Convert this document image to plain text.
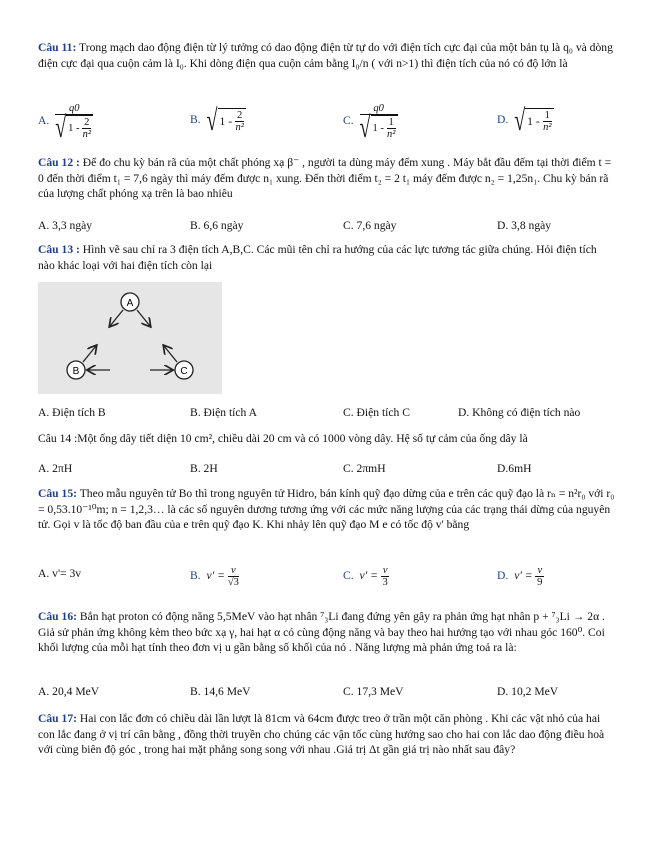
Câu 11: Trong mạch dao động điện từ lý tưởng có dao động điện từ tự do với điện tích cực đại của một bản tụ là q₀ và dòng điện cực đại qua cuộn cảm là I₀. Khi dòng điện qua cuộn cảm bằng I₀/n ( với n>1) thì điện tích của nó có độ lớn là
A. q0
√ 1
-
$\frac{2}{\text{n²}}$	B. √ 1
-
$\frac{2}{\text{n²}}$	C. q0
√ 1
-
$\frac{1}{\text{n²}}$	D. √ 1
-
$\frac{1}{\text{n²}}$
Câu 12 : Để đo chu kỳ bán rã của một chất phóng xạ β⁻ , người ta dùng máy đếm xung . Máy bắt đầu đếm tại thời điểm t = 0 đến thời điểm t₁ = 7,6 ngày thì máy đếm được n₁ xung. Đến thời điểm t₂ = 2 t₁ máy đếm được n₂ = 1,25n₁. Chu kỳ bán rã của lượng chất phóng xạ trên là bao nhiêu
A. 3,3 ngày	B. 6,6 ngày	C. 7,6 ngày	D. 3,8 ngày
Câu 13 : Hình vẽ sau chỉ ra 3 điện tích A,B,C. Các mũi tên chỉ ra hướng của các lực tương tác giữa chúng. Hỏi điện tích nào khác loại với hai điện tích còn lại
A
B	C
A. Điện tích B	B. Điện tích A	C. Điện tích C	D. Không có điện tích nào
Câu 14 :Một ống dây tiết diện 10 cm², chiều dài 20 cm và có 1000 vòng dây. Hệ số tự cảm của ống dây là
A. 2πH	B. 2H	C. 2πmH	D.6mH
Câu 15: Theo mẫu nguyên tử Bo thì trong nguyên tử Hidro, bán kính quỹ đạo dừng của e trên các quỹ đạo là rₙ = n²r₀ với r₀ = 0,53.10⁻¹⁰m; n = 1,2,3… là các số nguyên dương tương ứng với các mức năng lượng của các trạng thái dừng của nguyên tử. Gọi v là tốc độ ban đầu của e trên quỹ đạo K. Khi nhảy lên quỹ đạo M e có tốc độ v' bằng
A. v'= 3v	B. $v' = \frac{v}{√3}$	C. $v' = \frac{v}{3}$	D. $v' = \frac{v}{9}$
Câu 16: Bắn hạt proton có động năng 5,5MeV vào hạt nhân ⁷₃Li đang đứng yên gây ra phản ứng hạt nhân p + ⁷₃Li → 2α . Giả sử phản ứng không kèm theo bức xạ γ, hai hạt α có cùng động năng và bay theo hai hướng tạo với nhau góc 160⁰. Coi khối lượng của mỗi hạt tính theo đơn vị u gần bằng số khối của nó . Năng lượng mà phản ứng toả ra là:
A. 20,4 MeV	B. 14,6 MeV	C. 17,3 MeV	D. 10,2 MeV
Câu 17: Hai con lắc đơn có chiều dài lần lượt là 81cm và 64cm được treo ở trần một căn phòng . Khi các vật nhỏ của hai con lắc đang ở vị trí cân bằng , đồng thời truyền cho chúng các vận tốc cùng hướng sao cho hai con lắc dao động điều hoà với cùng biên độ góc , trong hai mặt phẳng song song với nhau .Giá trị Δt gần giá trị nào nhất sau đây?
